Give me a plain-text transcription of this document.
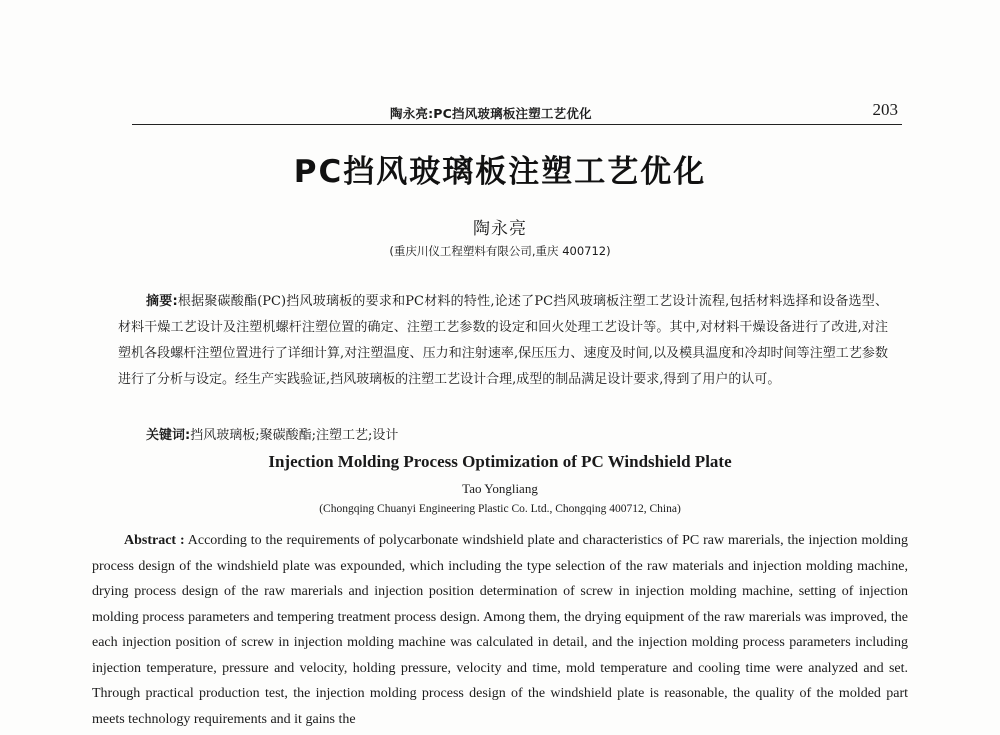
陶永亮:PC挡风玻璃板注塑工艺优化	203
PC挡风玻璃板注塑工艺优化
陶永亮
(重庆川仪工程塑料有限公司,重庆 400712)
摘要:根据聚碳酸酯(PC)挡风玻璃板的要求和PC材料的特性,论述了PC挡风玻璃板注塑工艺设计流程,包括材料选择和设备选型、材料干燥工艺设计及注塑机螺杆注塑位置的确定、注塑工艺参数的设定和回火处理工艺设计等。其中,对材料干燥设备进行了改进,对注塑机各段螺杆注塑位置进行了详细计算,对注塑温度、压力和注射速率,保压压力、速度及时间,以及模具温度和冷却时间等注塑工艺参数进行了分析与设定。经生产实践验证,挡风玻璃板的注塑工艺设计合理,成型的制品满足设计要求,得到了用户的认可。
关键词:挡风玻璃板;聚碳酸酯;注塑工艺;设计
Injection Molding Process Optimization of PC Windshield Plate
Tao Yongliang
(Chongqing Chuanyi Engineering Plastic Co. Ltd., Chongqing 400712, China)
Abstract : According to the requirements of polycarbonate windshield plate and characteristics of PC raw marerials, the injection molding process design of the windshield plate was expounded, which including the type selection of the raw materials and injection molding machine, drying process design of the raw marerials and injection position determination of screw in injection molding machine, setting of injection molding process parameters and tempering treatment process design. Among them, the drying equipment of the raw marerials was improved, the each injection position of screw in injection molding machine was calculated in detail, and the injection molding process parameters including injection temperature, pressure and velocity, holding pressure, velocity and time, mold temperature and cooling time were analyzed and set. Through practical production test, the injection molding process design of the windshield plate is reasonable, the quality of the molded part meets technology requirements and it gains the
